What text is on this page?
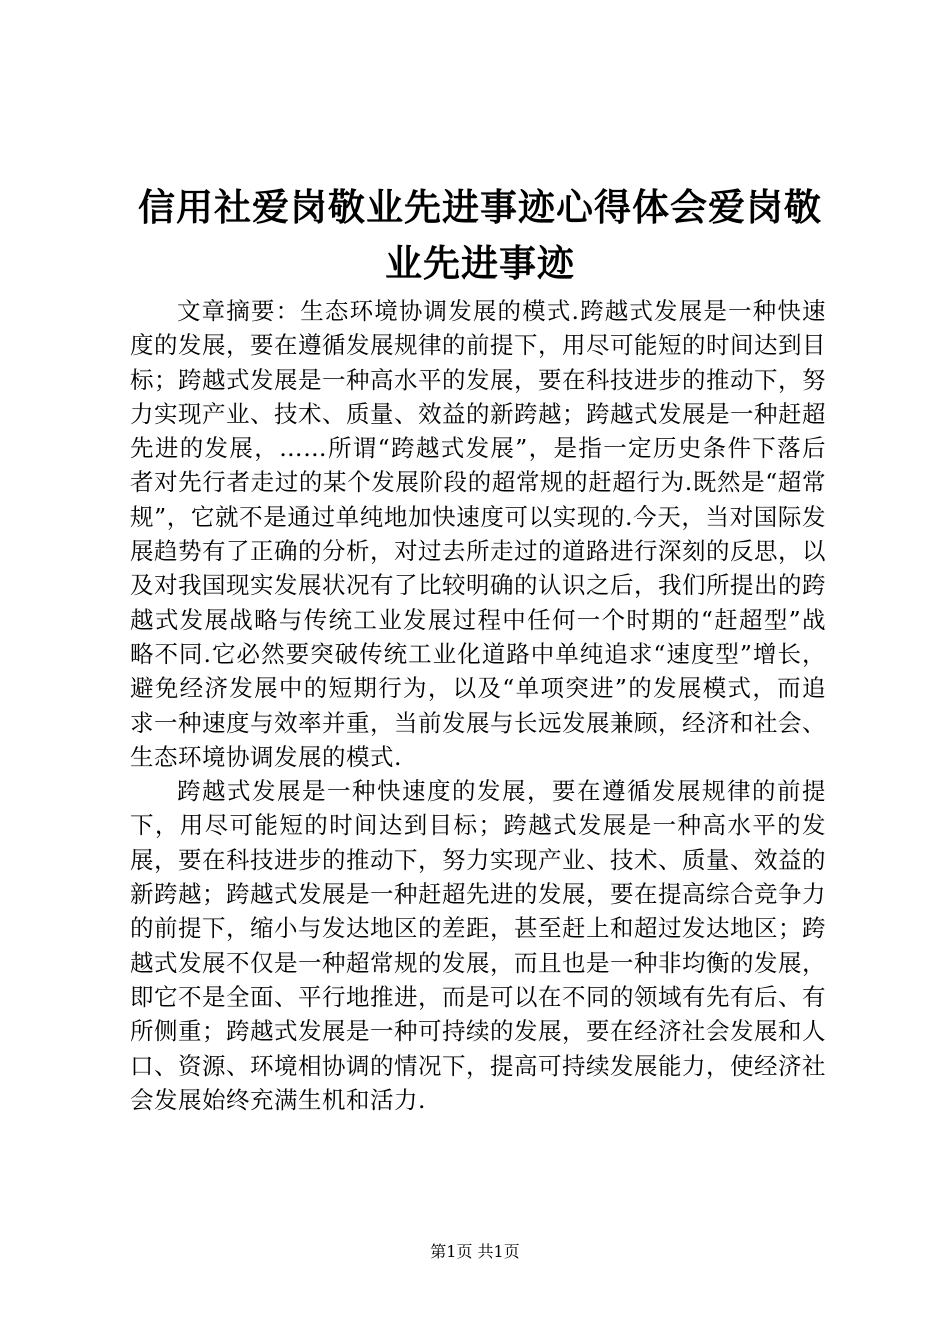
信用社爱岗敬业先进事迹心得体会爱岗敬业先进事迹

文章摘要：生态环境协调发展的模式.跨越式发展是一种快速度的发展，要在遵循发展规律的前提下，用尽可能短的时间达到目标；跨越式发展是一种高水平的发展，要在科技进步的推动下，努力实现产业、技术、质量、效益的新跨越；跨越式发展是一种赶超先进的发展，……所谓“跨越式发展”，是指一定历史条件下落后者对先行者走过的某个发展阶段的超常规的赶超行为.既然是“超常规”，它就不是通过单纯地加快速度可以实现的.今天，当对国际发展趋势有了正确的分析，对过去所走过的道路进行深刻的反思，以及对我国现实发展状况有了比较明确的认识之后，我们所提出的跨越式发展战略与传统工业发展过程中任何一个时期的“赶超型”战略不同.它必然要突破传统工业化道路中单纯追求“速度型”增长，避免经济发展中的短期行为，以及“单项突进”的发展模式，而追求一种速度与效率并重，当前发展与长远发展兼顾，经济和社会、生态环境协调发展的模式.

跨越式发展是一种快速度的发展，要在遵循发展规律的前提下，用尽可能短的时间达到目标；跨越式发展是一种高水平的发展，要在科技进步的推动下，努力实现产业、技术、质量、效益的新跨越；跨越式发展是一种赶超先进的发展，要在提高综合竞争力的前提下，缩小与发达地区的差距，甚至赶上和超过发达地区；跨越式发展不仅是一种超常规的发展，而且也是一种非均衡的发展，即它不是全面、平行地推进，而是可以在不同的领域有先有后、有所侧重；跨越式发展是一种可持续的发展，要在经济社会发展和人口、资源、环境相协调的情况下，提高可持续发展能力，使经济社会发展始终充满生机和活力.

第1页 共1页
